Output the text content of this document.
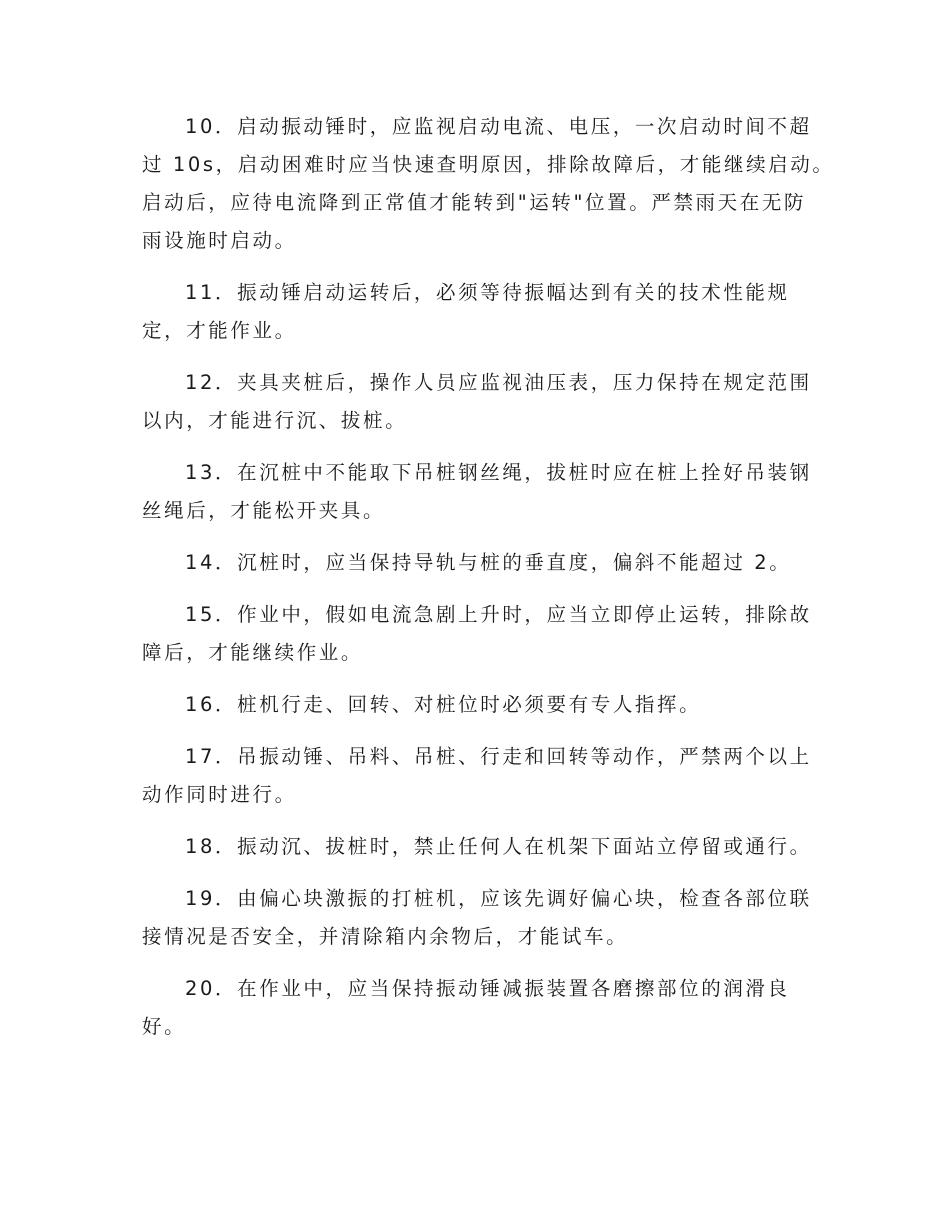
10．启动振动锤时，应监视启动电流、电压，一次启动时间不超
过 10s，启动困难时应当快速查明原因，排除故障后，才能继续启动。
启动后，应待电流降到正常值才能转到"运转"位置。严禁雨天在无防
雨设施时启动。
11．振动锤启动运转后，必须等待振幅达到有关的技术性能规
定，才能作业。
12．夹具夹桩后，操作人员应监视油压表，压力保持在规定范围
以内，才能进行沉、拔桩。
13．在沉桩中不能取下吊桩钢丝绳，拔桩时应在桩上拴好吊装钢
丝绳后，才能松开夹具。
14．沉桩时，应当保持导轨与桩的垂直度，偏斜不能超过 2。
15．作业中，假如电流急剧上升时，应当立即停止运转，排除故
障后，才能继续作业。
16．桩机行走、回转、对桩位时必须要有专人指挥。
17．吊振动锤、吊料、吊桩、行走和回转等动作，严禁两个以上
动作同时进行。
18．振动沉、拔桩时，禁止任何人在机架下面站立停留或通行。
19．由偏心块激振的打桩机，应该先调好偏心块，检查各部位联
接情况是否安全，并清除箱内余物后，才能试车。
20．在作业中，应当保持振动锤减振装置各磨擦部位的润滑良
好。
